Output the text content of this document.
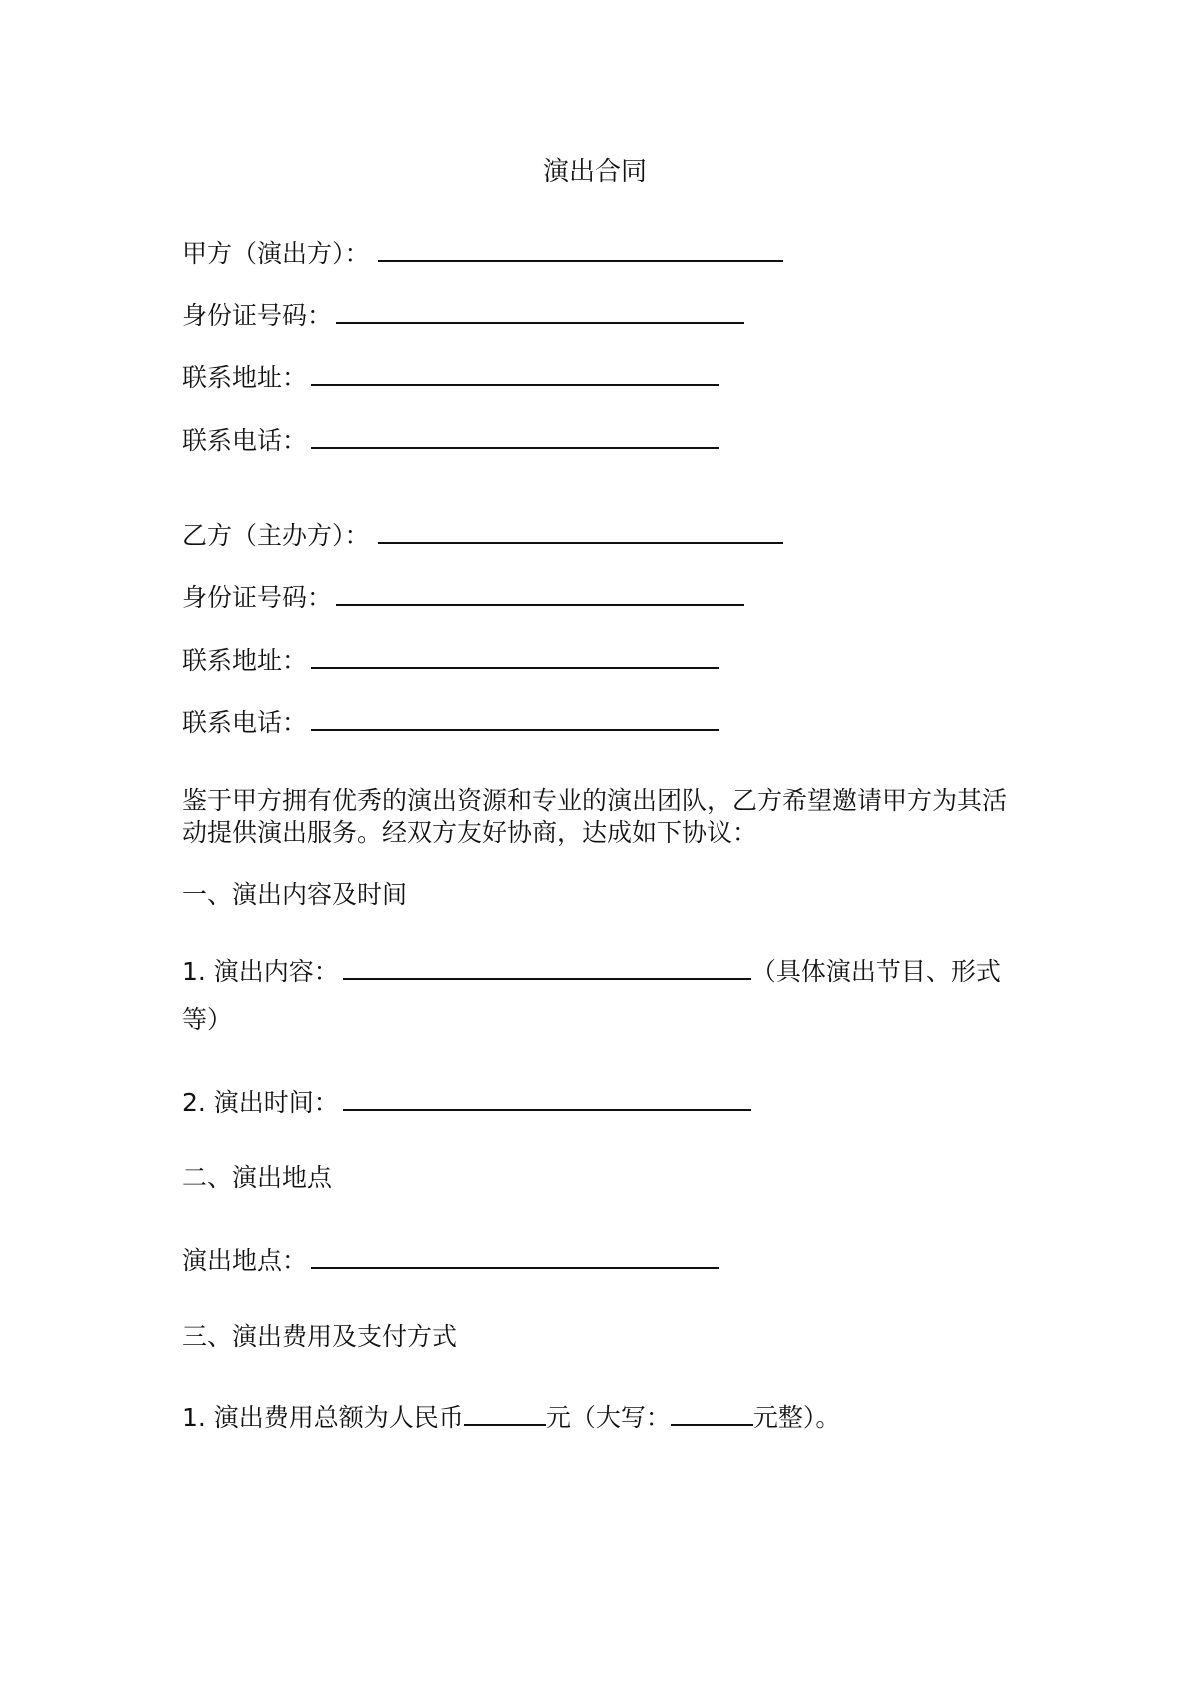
演出合同
甲方（演出方）：
身份证号码：
联系地址：
联系电话：
乙方（主办方）：
身份证号码：
联系地址：
联系电话：
鉴于甲方拥有优秀的演出资源和专业的演出团队，乙方希望邀请甲方为其活动提供演出服务。经双方友好协商，达成如下协议：
一、演出内容及时间
1. 演出内容：	（具体演出节目、形式等）
2. 演出时间：
二、演出地点
演出地点：
三、演出费用及支付方式
1. 演出费用总额为人民币	元（大写：	元整）。
